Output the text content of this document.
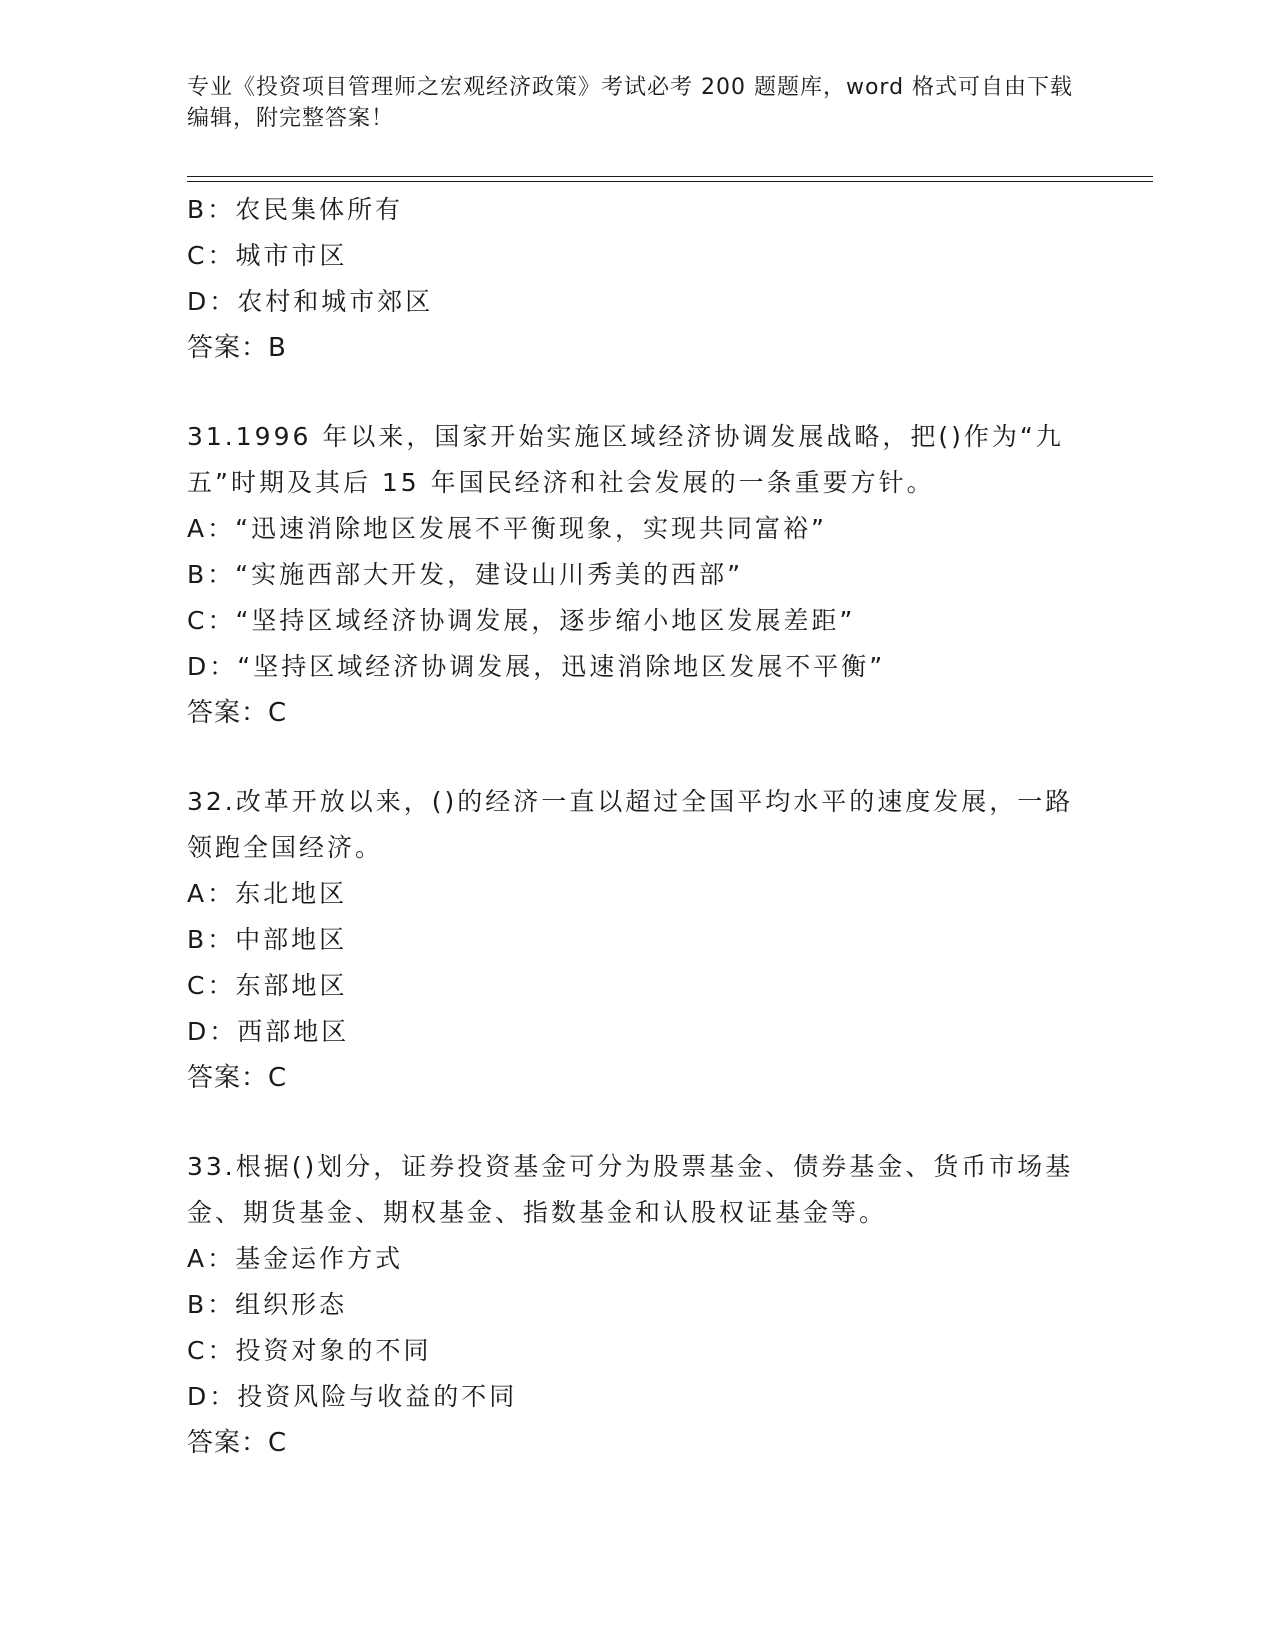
专业《投资项目管理师之宏观经济政策》考试必考 200 题题库，word 格式可自由下载编辑，附完整答案！
B：农民集体所有
C：城市市区
D：农村和城市郊区
答案：B
31.1996 年以来，国家开始实施区域经济协调发展战略，把()作为“九五”时期及其后 15 年国民经济和社会发展的一条重要方针。
A：“迅速消除地区发展不平衡现象，实现共同富裕”
B：“实施西部大开发，建设山川秀美的西部”
C：“坚持区域经济协调发展，逐步缩小地区发展差距”
D：“坚持区域经济协调发展，迅速消除地区发展不平衡”
答案：C
32.改革开放以来，()的经济一直以超过全国平均水平的速度发展，一路领跑全国经济。
A：东北地区
B：中部地区
C：东部地区
D：西部地区
答案：C
33.根据()划分，证券投资基金可分为股票基金、债券基金、货币市场基金、期货基金、期权基金、指数基金和认股权证基金等。
A：基金运作方式
B：组织形态
C：投资对象的不同
D：投资风险与收益的不同
答案：C
